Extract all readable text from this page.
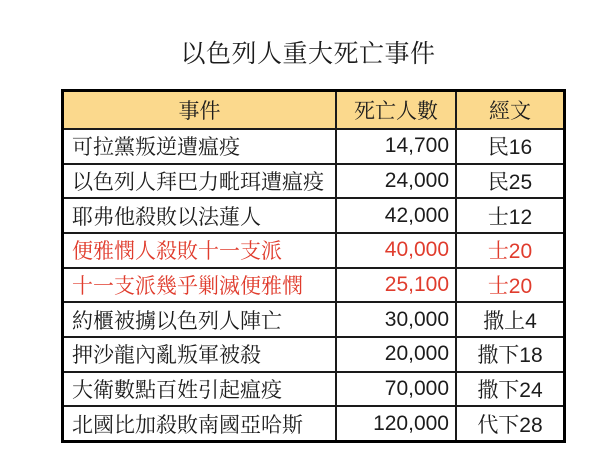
以色列人重大死亡事件
事件	死亡人數	經文
可拉黨叛逆遭瘟疫	14,700	民16
以色列人拜巴力毗珥遭瘟疫	24,000	民25
耶弗他殺敗以法蓮人	42,000	士12
便雅憫人殺敗十一支派	40,000	士20
十一支派幾乎剿滅便雅憫	25,100	士20
約櫃被擄以色列人陣亡	30,000	撒上4
押沙龍內亂叛軍被殺	20,000	撒下18
大衛數點百姓引起瘟疫	70,000	撒下24
北國比加殺敗南國亞哈斯	120,000	代下28
